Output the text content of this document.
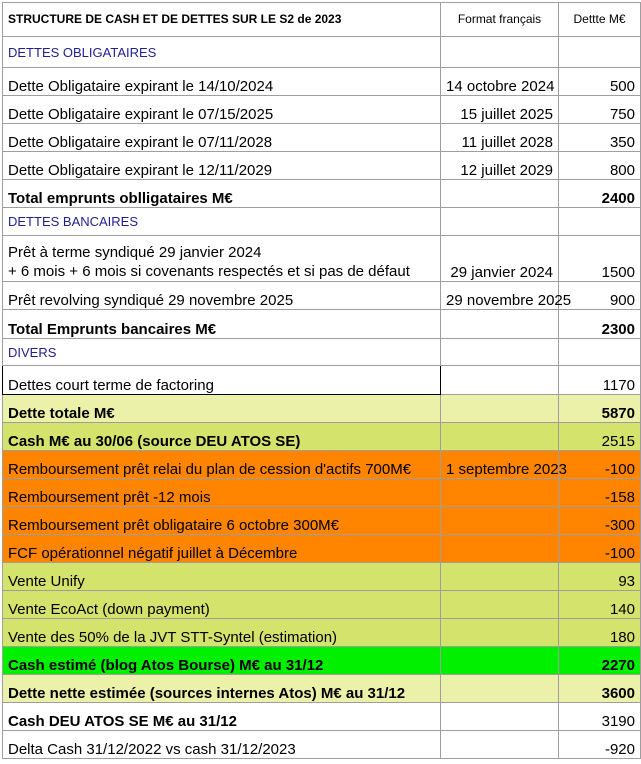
STRUCTURE DE CASH ET DE DETTES SUR LE S2 de 2023	Format français	Dettte M€
DETTES OBLIGATAIRES		
Dette Obligataire expirant le 14/10/2024	14 octobre 2024	500
Dette Obligataire expirant le 07/15/2025	15 juillet 2025	750
Dette Obligataire expirant le 07/11/2028	11 juillet 2028	350
Dette Obligataire expirant le 12/11/2029	12 juillet 2029	800
Total emprunts oblligataires M€		2400
DETTES BANCAIRES		
Prêt à terme syndiqué 29 janvier 2024
+ 6 mois + 6 mois si covenants respectés et si pas de défaut	29 janvier 2024	1500
Prêt revolving syndiqué 29 novembre 2025	29 novembre 2025	900
Total Emprunts bancaires M€		2300
DIVERS		
Dettes court terme de factoring		1170
Dette totale M€		5870
Cash M€ au 30/06 (source DEU ATOS SE)		2515
Remboursement prêt relai du plan de cession d'actifs 700M€	1 septembre 2023	-100
Remboursement prêt -12 mois		-158
Remboursement prêt obligataire 6 octobre 300M€		-300
FCF opérationnel négatif juillet à Décembre		-100
Vente Unify		93
Vente EcoAct (down payment)		140
Vente des 50% de la JVT STT-Syntel (estimation)		180
Cash estimé (blog Atos Bourse) M€ au 31/12		2270
Dette nette estimée (sources internes Atos) M€ au 31/12		3600
Cash DEU ATOS SE M€ au 31/12		3190
Delta Cash 31/12/2022 vs cash 31/12/2023		-920
